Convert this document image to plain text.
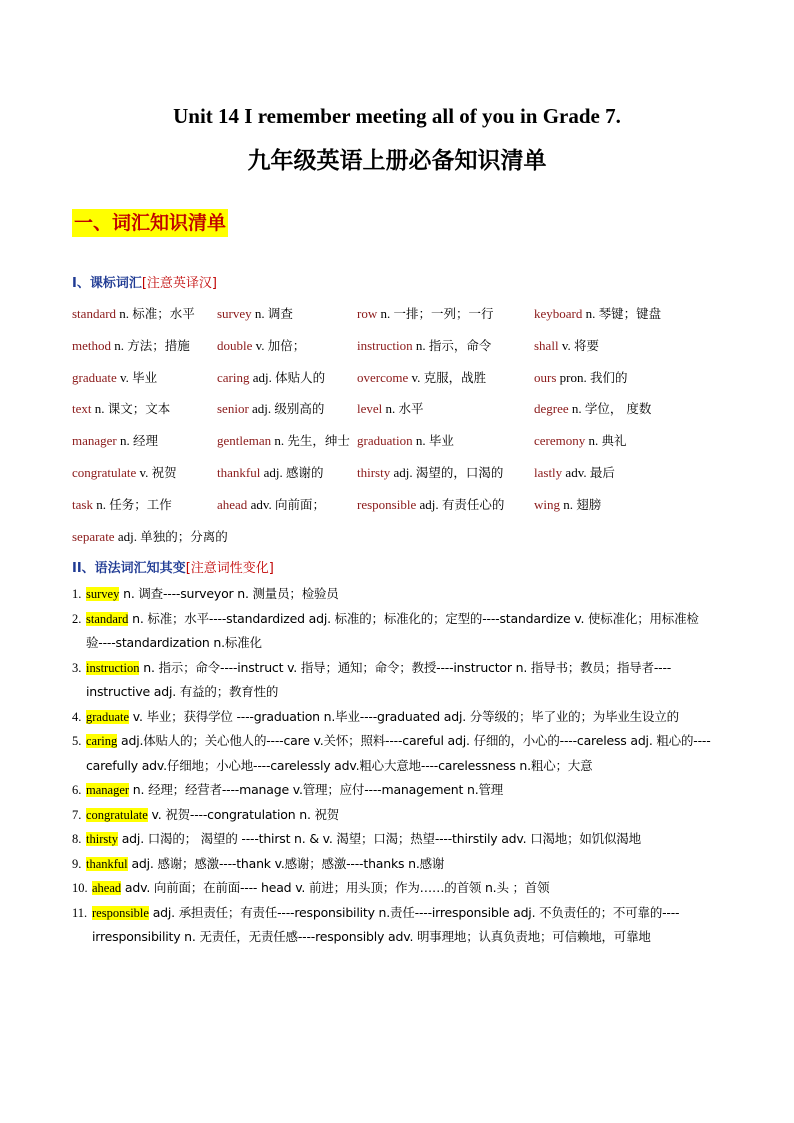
Unit 14 I remember meeting all of you in Grade 7.
九年级英语上册必备知识清单
一、词汇知识清单
I、课标词汇[注意英译汉]
standard n. 标准；水平 survey n. 调查	row n. 一排；一列；一行	keyboard n. 琴键；键盘
method n. 方法；措施 double v. 加倍；	instruction n. 指示，命令	shall v. 将要
graduate v. 毕业	caring adj. 体贴人的 overcome v. 克服，战胜	ours pron. 我们的
text n. 课文；文本	senior adj. 级别高的	level n. 水平	degree n. 学位， 度数
manager n. 经理	gentleman n. 先生，绅士 graduation n. 毕业	ceremony n. 典礼
congratulate v. 祝贺	thankful adj. 感谢的	thirsty adj. 渴望的，口渴的 lastly adv. 最后
task n. 任务；工作	ahead adv. 向前面； responsible adj. 有责任心的 wing n. 翅膀
separate adj. 单独的；分离的
II、语法词汇知其变[注意词性变化]
1. survey n. 调查----surveyor n. 测量员；检验员
2. standard n. 标准；水平----standardized adj. 标准的；标准化的；定型的----standardize v. 使标准化；用标准检验----standardization n.标准化
3. instruction n. 指示；命令----instruct v. 指导；通知；命令；教授----instructor n. 指导书；教员；指导者----instructive adj. 有益的；教育性的
4. graduate v. 毕业；获得学位 ----graduation n.毕业----graduated adj. 分等级的；毕了业的；为毕业生设立的
5. caring adj.体贴人的；关心他人的----care v.关怀；照料----careful adj. 仔细的，小心的----careless adj. 粗心的----carefully adv.仔细地；小心地----carelessly adv.粗心大意地----carelessness n.粗心；大意
6. manager n. 经理；经营者----manage v.管理；应付----management n.管理
7. congratulate v. 祝贺----congratulation n. 祝贺
8. thirsty adj. 口渴的； 渴望的 ----thirst n. & v. 渴望；口渴；热望----thirstily adv. 口渴地；如饥似渴地
9. thankful adj. 感谢；感激----thank v.感谢；感激----thanks n.感谢
10. ahead adv. 向前面；在前面---- head v. 前进；用头顶；作为……的首领 n.头 ；首领
11. responsible adj. 承担责任；有责任----responsibility n.责任----irresponsible adj. 不负责任的；不可靠的----irresponsibility n. 无责任，无责任感----responsibly adv. 明事理地；认真负责地；可信赖地，可靠地
